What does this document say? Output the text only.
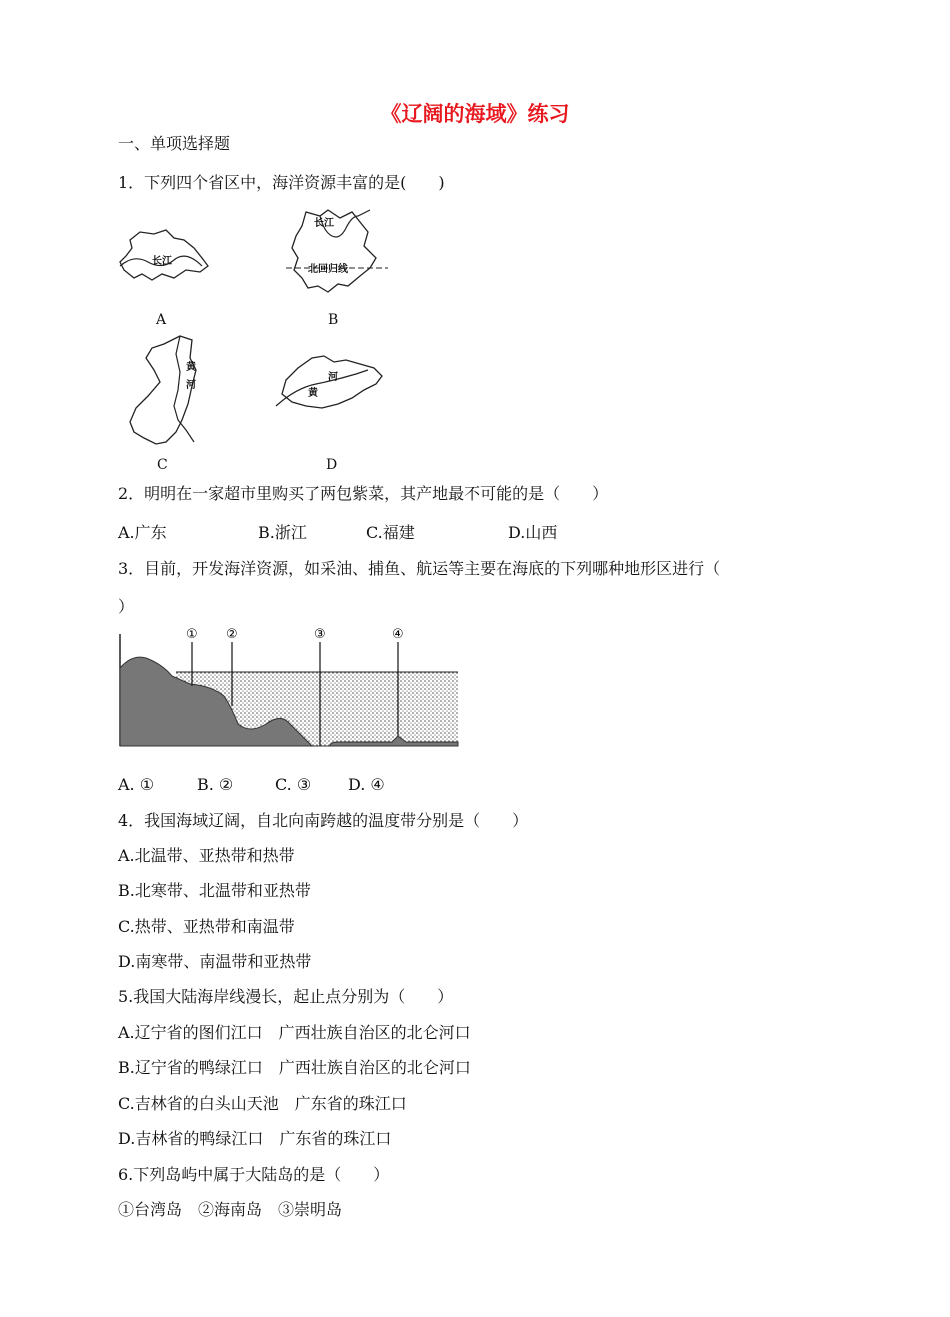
《辽阔的海域》练习
一、单项选择题
1．下列四个省区中，海洋资源丰富的是(　　)
长江
A
长江
北回归线
B
黄
河
C
河
黄
D
2．明明在一家超市里购买了两包紫菜，其产地最不可能的是（　　）
A.广东	B.浙江	C.福建	D.山西
3．目前，开发海洋资源，如采油、捕鱼、航运等主要在海底的下列哪种地形区进行（
）
① ②	③	④
A. ①	B. ②	C. ③ D. ④
4．我国海域辽阔，自北向南跨越的温度带分别是（　　）
A.北温带、亚热带和热带
B.北寒带、北温带和亚热带
C.热带、亚热带和南温带
D.南寒带、南温带和亚热带
5.我国大陆海岸线漫长，起止点分别为（　　）
A.辽宁省的图们江口　广西壮族自治区的北仑河口
B.辽宁省的鸭绿江口　广西壮族自治区的北仑河口
C.吉林省的白头山天池　广东省的珠江口
D.吉林省的鸭绿江口　广东省的珠江口
6.下列岛屿中属于大陆岛的是（　　）
①台湾岛　②海南岛　③崇明岛
